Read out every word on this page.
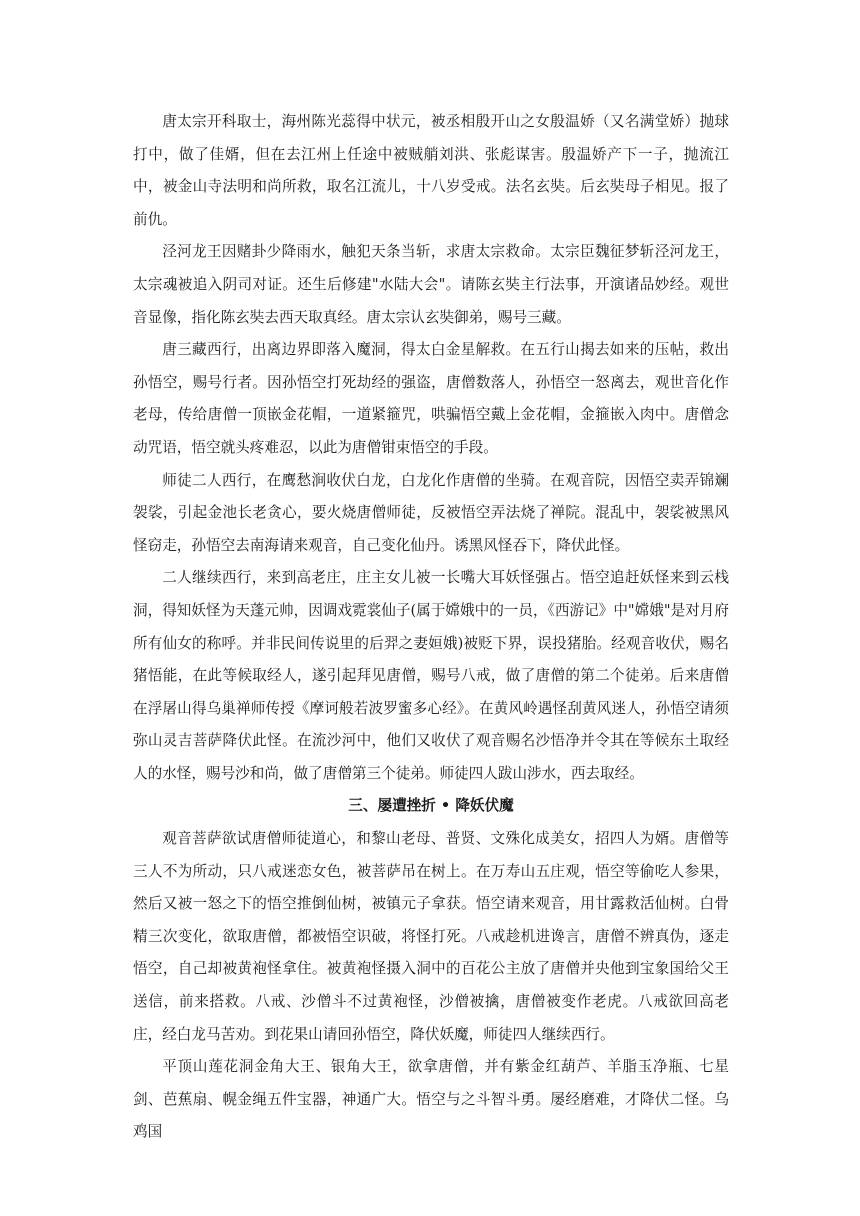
唐太宗开科取士，海州陈光蕊得中状元，被丞相殷开山之女殷温娇（又名满堂娇）抛球打中，做了佳婿，但在去江州上任途中被贼艄刘洪、张彪谋害。殷温娇产下一子，抛流江中，被金山寺法明和尚所救，取名江流儿，十八岁受戒。法名玄奘。后玄奘母子相见。报了前仇。

泾河龙王因赌卦少降雨水，触犯天条当斩，求唐太宗救命。太宗臣魏征梦斩泾河龙王，太宗魂被追入阴司对证。还生后修建"水陆大会"。请陈玄奘主行法事，开演诸品妙经。观世音显像，指化陈玄奘去西天取真经。唐太宗认玄奘御弟，赐号三藏。

唐三藏西行，出离边界即落入魔洞，得太白金星解救。在五行山揭去如来的压帖，救出孙悟空，赐号行者。因孙悟空打死劫经的强盗，唐僧数落人，孙悟空一怒离去，观世音化作老母，传给唐僧一顶嵌金花帽，一道紧箍咒，哄骗悟空戴上金花帽，金箍嵌入肉中。唐僧念动咒语，悟空就头疼难忍，以此为唐僧钳束悟空的手段。

师徒二人西行，在鹰愁涧收伏白龙，白龙化作唐僧的坐骑。在观音院，因悟空卖弄锦斓袈裟，引起金池长老贪心，要火烧唐僧师徒，反被悟空弄法烧了禅院。混乱中，袈裟被黑风怪窃走，孙悟空去南海请来观音，自己变化仙丹。诱黑风怪吞下，降伏此怪。

二人继续西行，来到高老庄，庄主女儿被一长嘴大耳妖怪强占。悟空追赶妖怪来到云栈洞，得知妖怪为天蓬元帅，因调戏霓裳仙子(属于嫦娥中的一员，《西游记》中"嫦娥"是对月府所有仙女的称呼。并非民间传说里的后羿之妻姮娥)被贬下界，误投猪胎。经观音收伏，赐名猪悟能，在此等候取经人，遂引起拜见唐僧，赐号八戒，做了唐僧的第二个徒弟。后来唐僧在浮屠山得乌巢禅师传授《摩诃般若波罗蜜多心经》。在黄风岭遇怪刮黄风迷人，孙悟空请须弥山灵吉菩萨降伏此怪。在流沙河中，他们又收伏了观音赐名沙悟净并令其在等候东土取经人的水怪，赐号沙和尚，做了唐僧第三个徒弟。师徒四人跋山涉水，西去取经。

三、屡遭挫折 • 降妖伏魔

观音菩萨欲试唐僧师徒道心，和黎山老母、普贤、文殊化成美女，招四人为婿。唐僧等三人不为所动，只八戒迷恋女色，被菩萨吊在树上。在万寿山五庄观，悟空等偷吃人参果，然后又被一怒之下的悟空推倒仙树，被镇元子拿获。悟空请来观音，用甘露救活仙树。白骨精三次变化，欲取唐僧，都被悟空识破，将怪打死。八戒趁机进谗言，唐僧不辨真伪，逐走悟空，自己却被黄袍怪拿住。被黄袍怪摄入洞中的百花公主放了唐僧并央他到宝象国给父王送信，前来搭救。八戒、沙僧斗不过黄袍怪，沙僧被擒，唐僧被变作老虎。八戒欲回高老庄，经白龙马苦劝。到花果山请回孙悟空，降伏妖魔，师徒四人继续西行。

平顶山莲花洞金角大王、银角大王，欲拿唐僧，并有紫金红葫芦、羊脂玉净瓶、七星剑、芭蕉扇、幌金绳五件宝器，神通广大。悟空与之斗智斗勇。屡经磨难，才降伏二怪。乌鸡国
